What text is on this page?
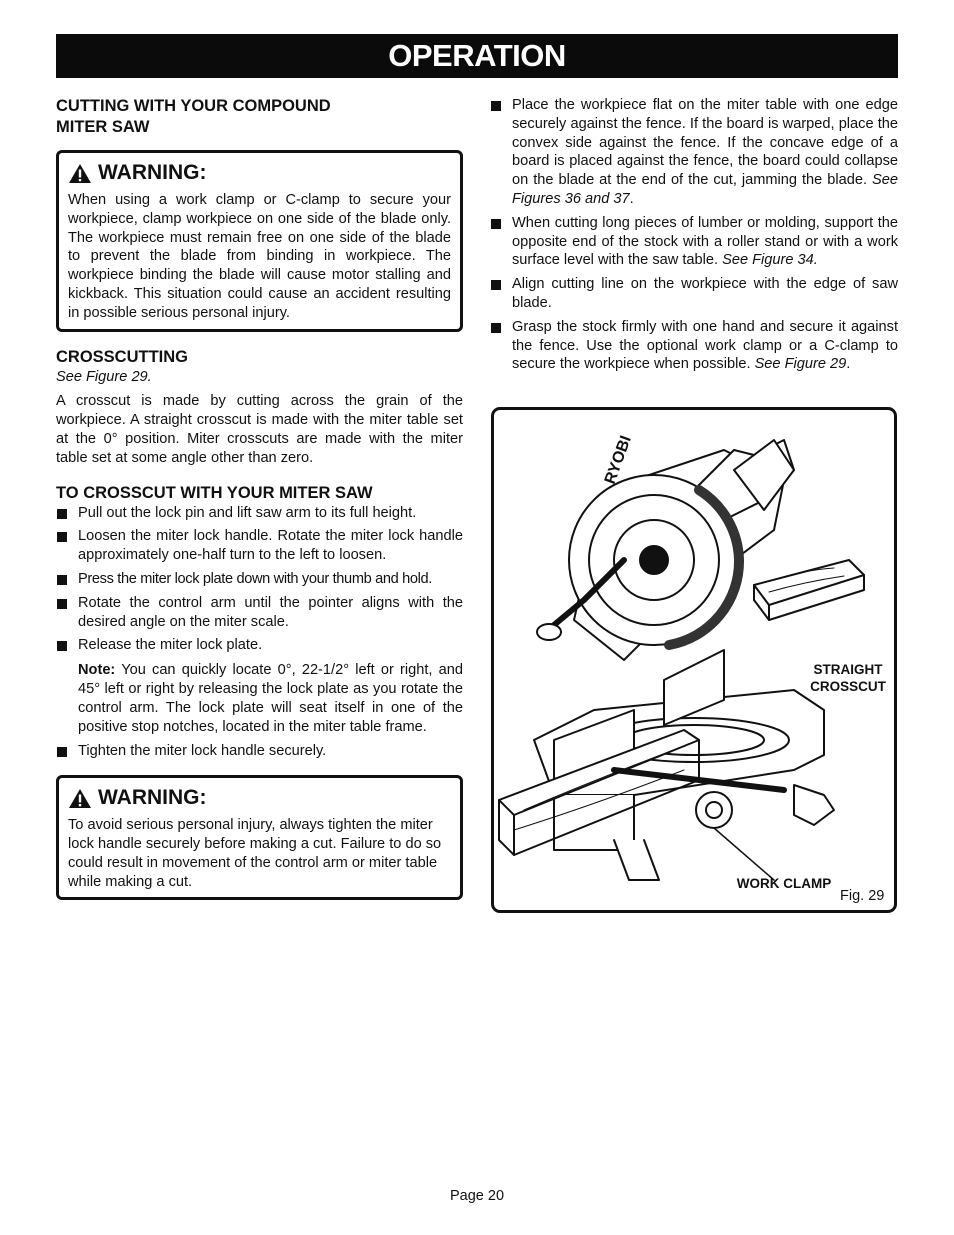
OPERATION
CUTTING WITH YOUR COMPOUND
MITER SAW
WARNING:

When using a work clamp or C-clamp to secure your workpiece, clamp workpiece on one side of the blade only. The workpiece must remain free on one side of the blade to prevent the blade from binding in workpiece. The workpiece binding the blade will cause motor stalling and kickback. This situation could cause an accident resulting in possible serious personal injury.

CROSSCUTTING
See Figure 29.

A crosscut is made by cutting across the grain of the workpiece. A straight crosscut is made with the miter table set at the 0° position. Miter crosscuts are made with the miter table set at some angle other than zero.

TO CROSSCUT WITH YOUR MITER SAW
Pull out the lock pin and lift saw arm to its full height.
Loosen the miter lock handle. Rotate the miter lock handle approximately one-half turn to the left to loosen.
Press the miter lock plate down with your thumb and hold.
Rotate the control arm until the pointer aligns with the desired angle on the miter scale.
Release the miter lock plate.
Note: You can quickly locate 0°, 22-1/2° left or right, and 45° left or right by releasing the lock plate as you rotate the control arm. The lock plate will seat itself in one of the positive stop notches, located in the miter table frame.
Tighten the miter lock handle securely.
WARNING:

To avoid serious personal injury, always tighten the miter lock handle securely before making a cut. Failure to do so could result in movement of the control arm or miter table while making a cut.

Place the workpiece flat on the miter table with one edge securely against the fence. If the board is warped, place the convex side against the fence. If the concave edge of a board is placed against the fence, the board could collapse on the blade at the end of the cut, jamming the blade. See Figures 36 and 37.
When cutting long pieces of lumber or molding, support the opposite end of the stock with a roller stand or with a work surface level with the saw table. See Figure 34.
Align cutting line on the workpiece with the edge of saw blade.
Grasp the stock firmly with one hand and secure it against the fence. Use the optional work clamp or a C-clamp to secure the workpiece when possible. See Figure 29.
RYOBI
STRAIGHT
CROSSCUT
WORK CLAMP
Fig. 29
Page 20
